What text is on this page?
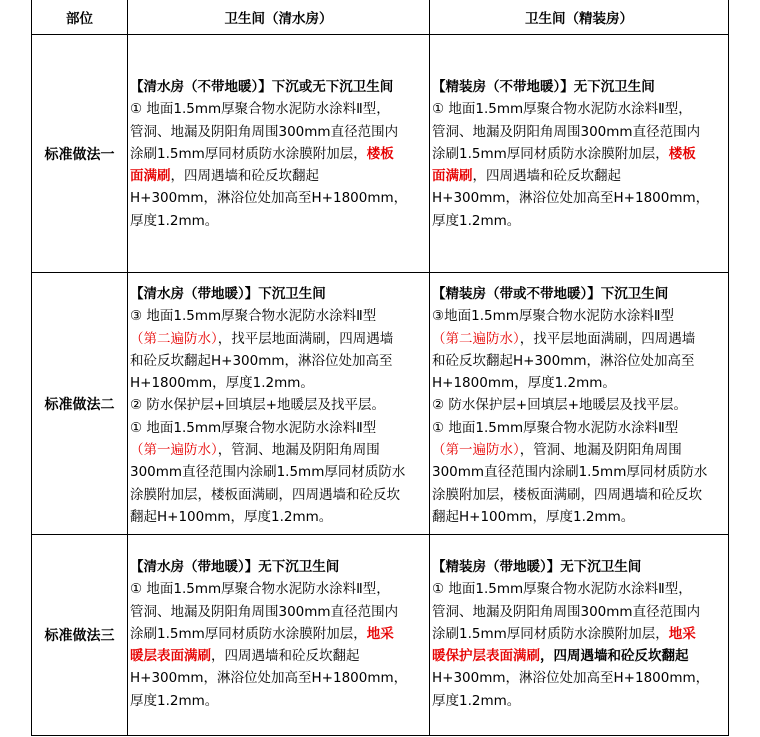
部位	卫生间（清水房）	卫生间（精装房）
标准做法一
【清水房（不带地暖）】下沉或无下沉卫生间
① 地面1.5mm厚聚合物水泥防水涂料Ⅱ型，
管洞、地漏及阴阳角周围300mm直径范围内
涂刷1.5mm厚同材质防水涂膜附加层，楼板
面满刷，四周遇墙和砼反坎翻起
H+300mm，淋浴位处加高至H+1800mm，
厚度1.2mm。
【精装房（不带地暖）】无下沉卫生间
① 地面1.5mm厚聚合物水泥防水涂料Ⅱ型，
管洞、地漏及阴阳角周围300mm直径范围内
涂刷1.5mm厚同材质防水涂膜附加层，楼板
面满刷，四周遇墙和砼反坎翻起
H+300mm，淋浴位处加高至H+1800mm，
厚度1.2mm。
标准做法二
【清水房（带地暖）】下沉卫生间
③ 地面1.5mm厚聚合物水泥防水涂料Ⅱ型
（第二遍防水），找平层地面满刷，四周遇墙
和砼反坎翻起H+300mm，淋浴位处加高至
H+1800mm，厚度1.2mm。
② 防水保护层+回填层+地暖层及找平层。
① 地面1.5mm厚聚合物水泥防水涂料Ⅱ型
（第一遍防水），管洞、地漏及阴阳角周围
300mm直径范围内涂刷1.5mm厚同材质防水
涂膜附加层，楼板面满刷，四周遇墙和砼反坎
翻起H+100mm，厚度1.2mm。
【精装房（带或不带地暖）】下沉卫生间
③地面1.5mm厚聚合物水泥防水涂料Ⅱ型
（第二遍防水），找平层地面满刷，四周遇墙
和砼反坎翻起H+300mm，淋浴位处加高至
H+1800mm，厚度1.2mm。
② 防水保护层+回填层+地暖层及找平层。
① 地面1.5mm厚聚合物水泥防水涂料Ⅱ型
（第一遍防水），管洞、地漏及阴阳角周围
300mm直径范围内涂刷1.5mm厚同材质防水
涂膜附加层，楼板面满刷，四周遇墙和砼反坎
翻起H+100mm，厚度1.2mm。
标准做法三
【清水房（带地暖）】无下沉卫生间
① 地面1.5mm厚聚合物水泥防水涂料Ⅱ型，
管洞、地漏及阴阳角周围300mm直径范围内
涂刷1.5mm厚同材质防水涂膜附加层，地采
暖层表面满刷，四周遇墙和砼反坎翻起
H+300mm，淋浴位处加高至H+1800mm，
厚度1.2mm。
【精装房（带地暖）】无下沉卫生间
① 地面1.5mm厚聚合物水泥防水涂料Ⅱ型，
管洞、地漏及阴阳角周围300mm直径范围内
涂刷1.5mm厚同材质防水涂膜附加层，地采
暖保护层表面满刷，四周遇墙和砼反坎翻起
H+300mm，淋浴位处加高至H+1800mm，
厚度1.2mm。
